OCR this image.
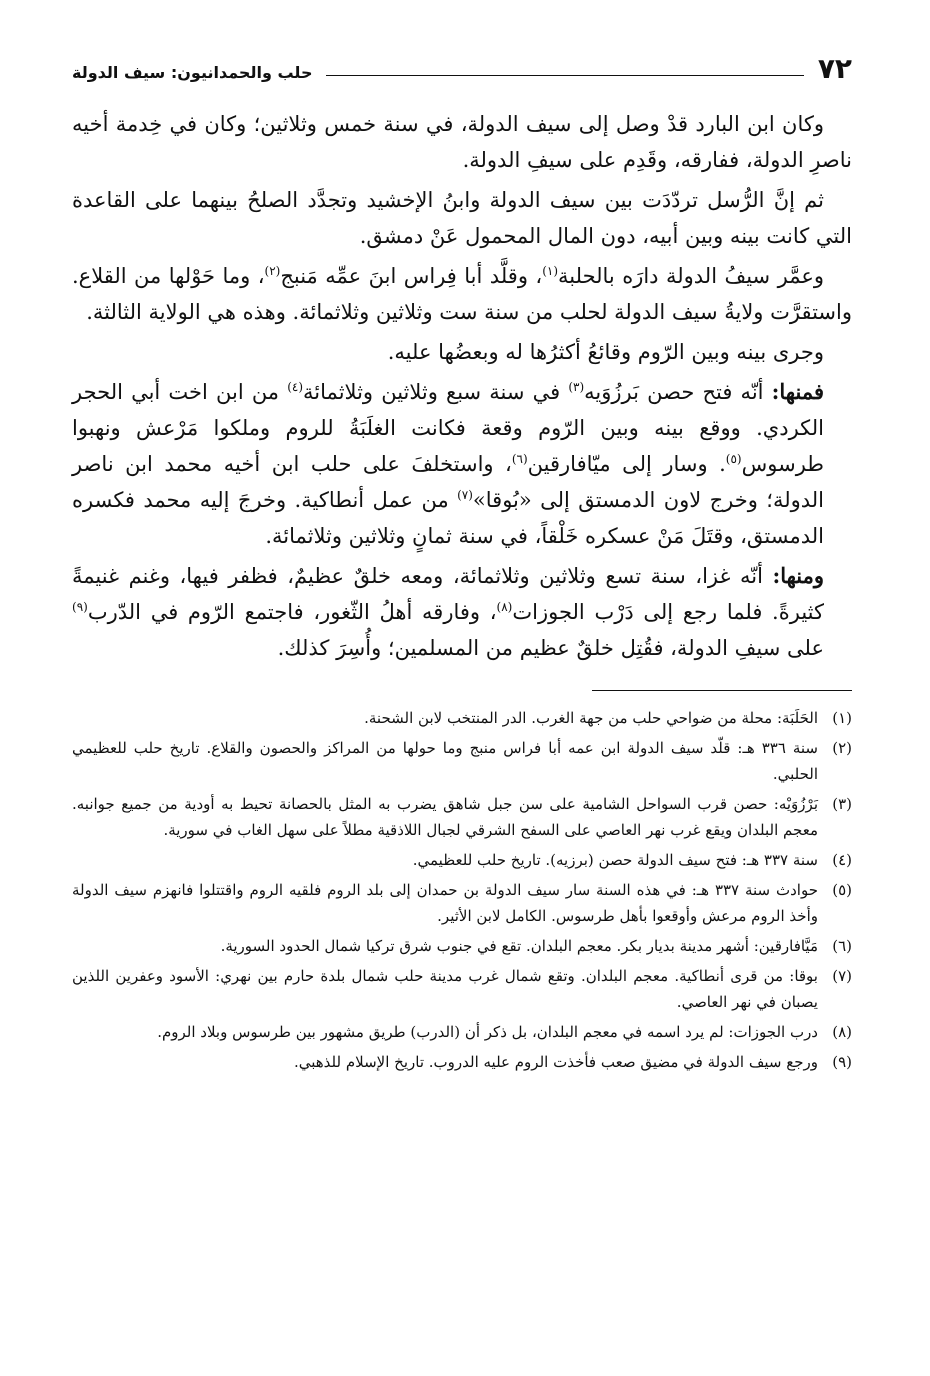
٧٢
حلب والحمدانيون: سيف الدولة

وكان ابن البارد قدْ وصل إلى سيف الدولة، في سنة خمس وثلاثين؛ وكان في خِدمة أخيه ناصرِ الدولة، ففارقه، وقَدِم على سيفِ الدولة.

ثم إنَّ الرُّسل تردّدَت بين سيف الدولة وابنُ الإخشيد وتجدَّد الصلحُ بينهما على القاعدة التي كانت بينه وبين أبيه، دون المال المحمول عَنْ دمشق.

وعمَّر سيفُ الدولة دارَه بالحلبة$^{(١)}$، وقلَّد أبا فِراس ابنَ عمِّه مَنبج$^{(٢)}$، وما حَوْلها من القلاع. واستقرَّت ولايةُ سيف الدولة لحلب من سنة ست وثلاثين وثلاثمائة. وهذه هي الولاية الثالثة.

وجرى بينه وبين الرّوم وقائعُ أكثرُها له وبعضُها عليه.

فمنها: أنّه فتح حصن بَرزُوَيه$^{(٣)}$ في سنة سبع وثلاثين وثلاثمائة$^{(٤)}$ من ابن اخت أبي الحجر الكردي. ووقع بينه وبين الرّوم وقعة فكانت الغلَبَةُ للروم وملكوا مَرْعش ونهبوا طرسوس$^{(٥)}$. وسار إلى ميّافارقين$^{(٦)}$، واستخلفَ على حلب ابن أخيه محمد ابن ناصر الدولة؛ وخرج لاون الدمستق إلى «بُوقا»$^{(٧)}$ من عمل أنطاكية. وخرجَ إليه محمد فكسره الدمستق، وقتَلَ مَنْ عسكره خَلْقاً، في سنة ثمانٍ وثلاثين وثلاثمائة.

ومنها: أنّه غزا، سنة تسع وثلاثين وثلاثمائة، ومعه خلقٌ عظيمٌ، فظفر فيها، وغنم غنيمةً كثيرةً. فلما رجع إلى دَرْب الجوزات$^{(٨)}$، وفارقه أهلُ الثّغور، فاجتمع الرّوم في الدّرب$^{(٩)}$ على سيفِ الدولة، فقُتِل خلقٌ عظيم من المسلمين؛ وأُسِرَ كذلك.

(١)
الحَلَبَة: محلة من ضواحي حلب من جهة الغرب. الدر المنتخب لابن الشحنة.
(٢)
سنة ٣٣٦ هـ: قلّد سيف الدولة ابن عمه أبا فراس منبج وما حولها من المراكز والحصون والقلاع. تاريخ حلب للعظيمي الحلبي.
(٣)
بَرْزُوَيْه: حصن قرب السواحل الشامية على سن جبل شاهق يضرب به المثل بالحصانة تحيط به أودية من جميع جوانبه. معجم البلدان ويقع غرب نهر العاصي على السفح الشرقي لجبال اللاذقية مطلاً على سهل الغاب في سورية.
(٤)
سنة ٣٣٧ هـ: فتح سيف الدولة حصن (برزيه). تاريخ حلب للعظيمي.
(٥)
حوادث سنة ٣٣٧ هـ: في هذه السنة سار سيف الدولة بن حمدان إلى بلد الروم فلقيه الروم واقتتلوا فانهزم سيف الدولة وأخذ الروم مرعش وأوقعوا بأهل طرسوس. الكامل لابن الأثير.
(٦)
مَيَّافارقين: أشهر مدينة بديار بكر. معجم البلدان. تقع في جنوب شرق تركيا شمال الحدود السورية.
(٧)
بوقا: من قرى أنطاكية. معجم البلدان. وتقع شمال غرب مدينة حلب شمال بلدة حارم بين نهري: الأسود وعفرين اللذين يصبان في نهر العاصي.
(٨)
درب الجوزات: لم يرد اسمه في معجم البلدان، بل ذكر أن (الدرب) طريق مشهور بين طرسوس وبلاد الروم.
(٩)
ورجع سيف الدولة في مضيق صعب فأخذت الروم عليه الدروب. تاريخ الإسلام للذهبي.
